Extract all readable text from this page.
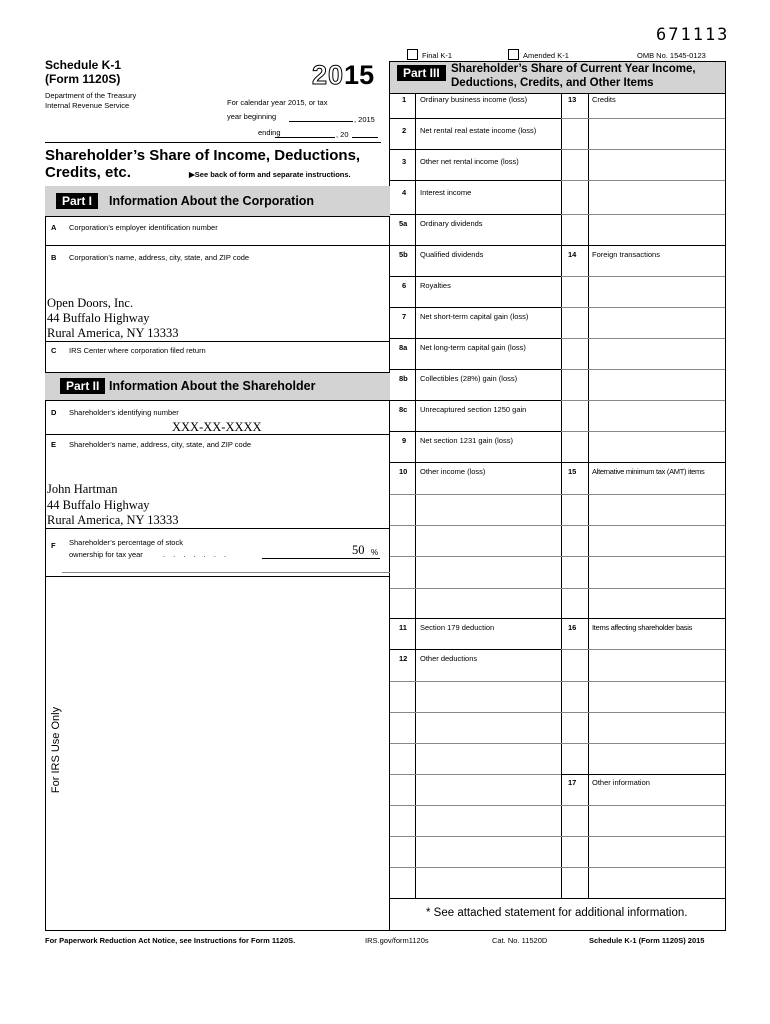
671113
Schedule K-1
(Form 1120S)
Department of the Treasury
Internal Revenue Service
2015
For calendar year 2015, or tax
year beginning	, 2015
ending	, 20
Shareholder’s Share of Income, Deductions,
Credits, etc.	▶See back of form and separate instructions.
Final K-1	Amended K-1	OMB No. 1545-0123
Part I	Information About the Corporation
A Corporation’s employer identification number
B Corporation’s name, address, city, state, and ZIP code
Open Doors, Inc.
44 Buffalo Highway
Rural America, NY 13333
C IRS Center where corporation filed return
Part II Information About the Shareholder
D Shareholder’s identifying number
XXX-XX-XXXX
E Shareholder’s name, address, city, state, and ZIP code
John Hartman
44 Buffalo Highway
Rural America, NY 13333
F Shareholder’s percentage of stock
ownership for tax year	. . . . . . .	50 %
For IRS Use Only
Part III Shareholder’s Share of Current Year Income,
Deductions, Credits, and Other Items
1 Ordinary business income (loss)
2 Net rental real estate income (loss)
3 Other net rental income (loss)
4 Interest income
5a Ordinary dividends
5b Qualified dividends
6 Royalties
7 Net short-term capital gain (loss)
8a Net long-term capital gain (loss)
8b Collectibles (28%) gain (loss)
8c Unrecaptured section 1250 gain
9 Net section 1231 gain (loss)
10 Other income (loss)
11 Section 179 deduction
12 Other deductions
13 Credits
14 Foreign transactions
15 Alternative minimum tax (AMT) items
16 Items affecting shareholder basis
17 Other information
* See attached statement for additional information.
For Paperwork Reduction Act Notice, see Instructions for Form 1120S.	IRS.gov/form1120s	Cat. No. 11520D	Schedule K-1 (Form 1120S) 2015
